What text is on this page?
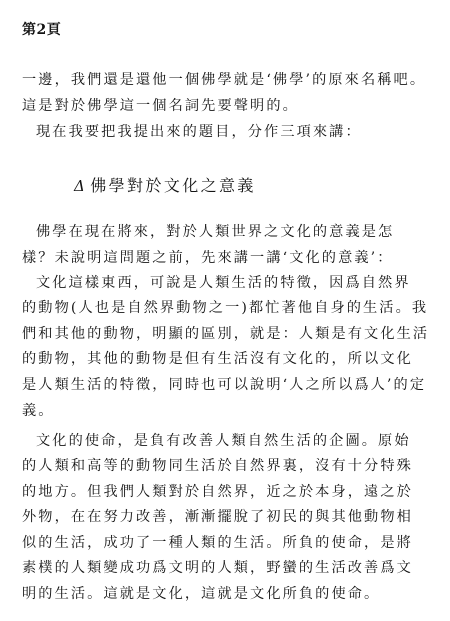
第2頁
一邊，我們還是還他一個佛學就是‘佛學’的原來名稱吧。
這是對於佛學這一個名詞先要聲明的。
現在我要把我提出來的題目，分作三項來講：
Δ 佛學對於文化之意義
佛學在現在將來，對於人類世界之文化的意義是怎
樣？未說明這問題之前，先來講一講‘文化的意義’：
文化這樣東西，可說是人類生活的特徵，因爲自然界
的動物(人也是自然界動物之一)都忙著他自身的生活。我
們和其他的動物，明顯的區別，就是：人類是有文化生活
的動物，其他的動物是但有生活沒有文化的，所以文化
是人類生活的特徵，同時也可以說明‘人之所以爲人’的定
義。
文化的使命，是負有改善人類自然生活的企圖。原始
的人類和高等的動物同生活於自然界裏，沒有十分特殊
的地方。但我們人類對於自然界，近之於本身，遠之於
外物，在在努力改善，漸漸擺脫了初民的與其他動物相
似的生活，成功了一種人類的生活。所負的使命，是將
素樸的人類變成功爲文明的人類，野蠻的生活改善爲文
明的生活。這就是文化，這就是文化所負的使命。
